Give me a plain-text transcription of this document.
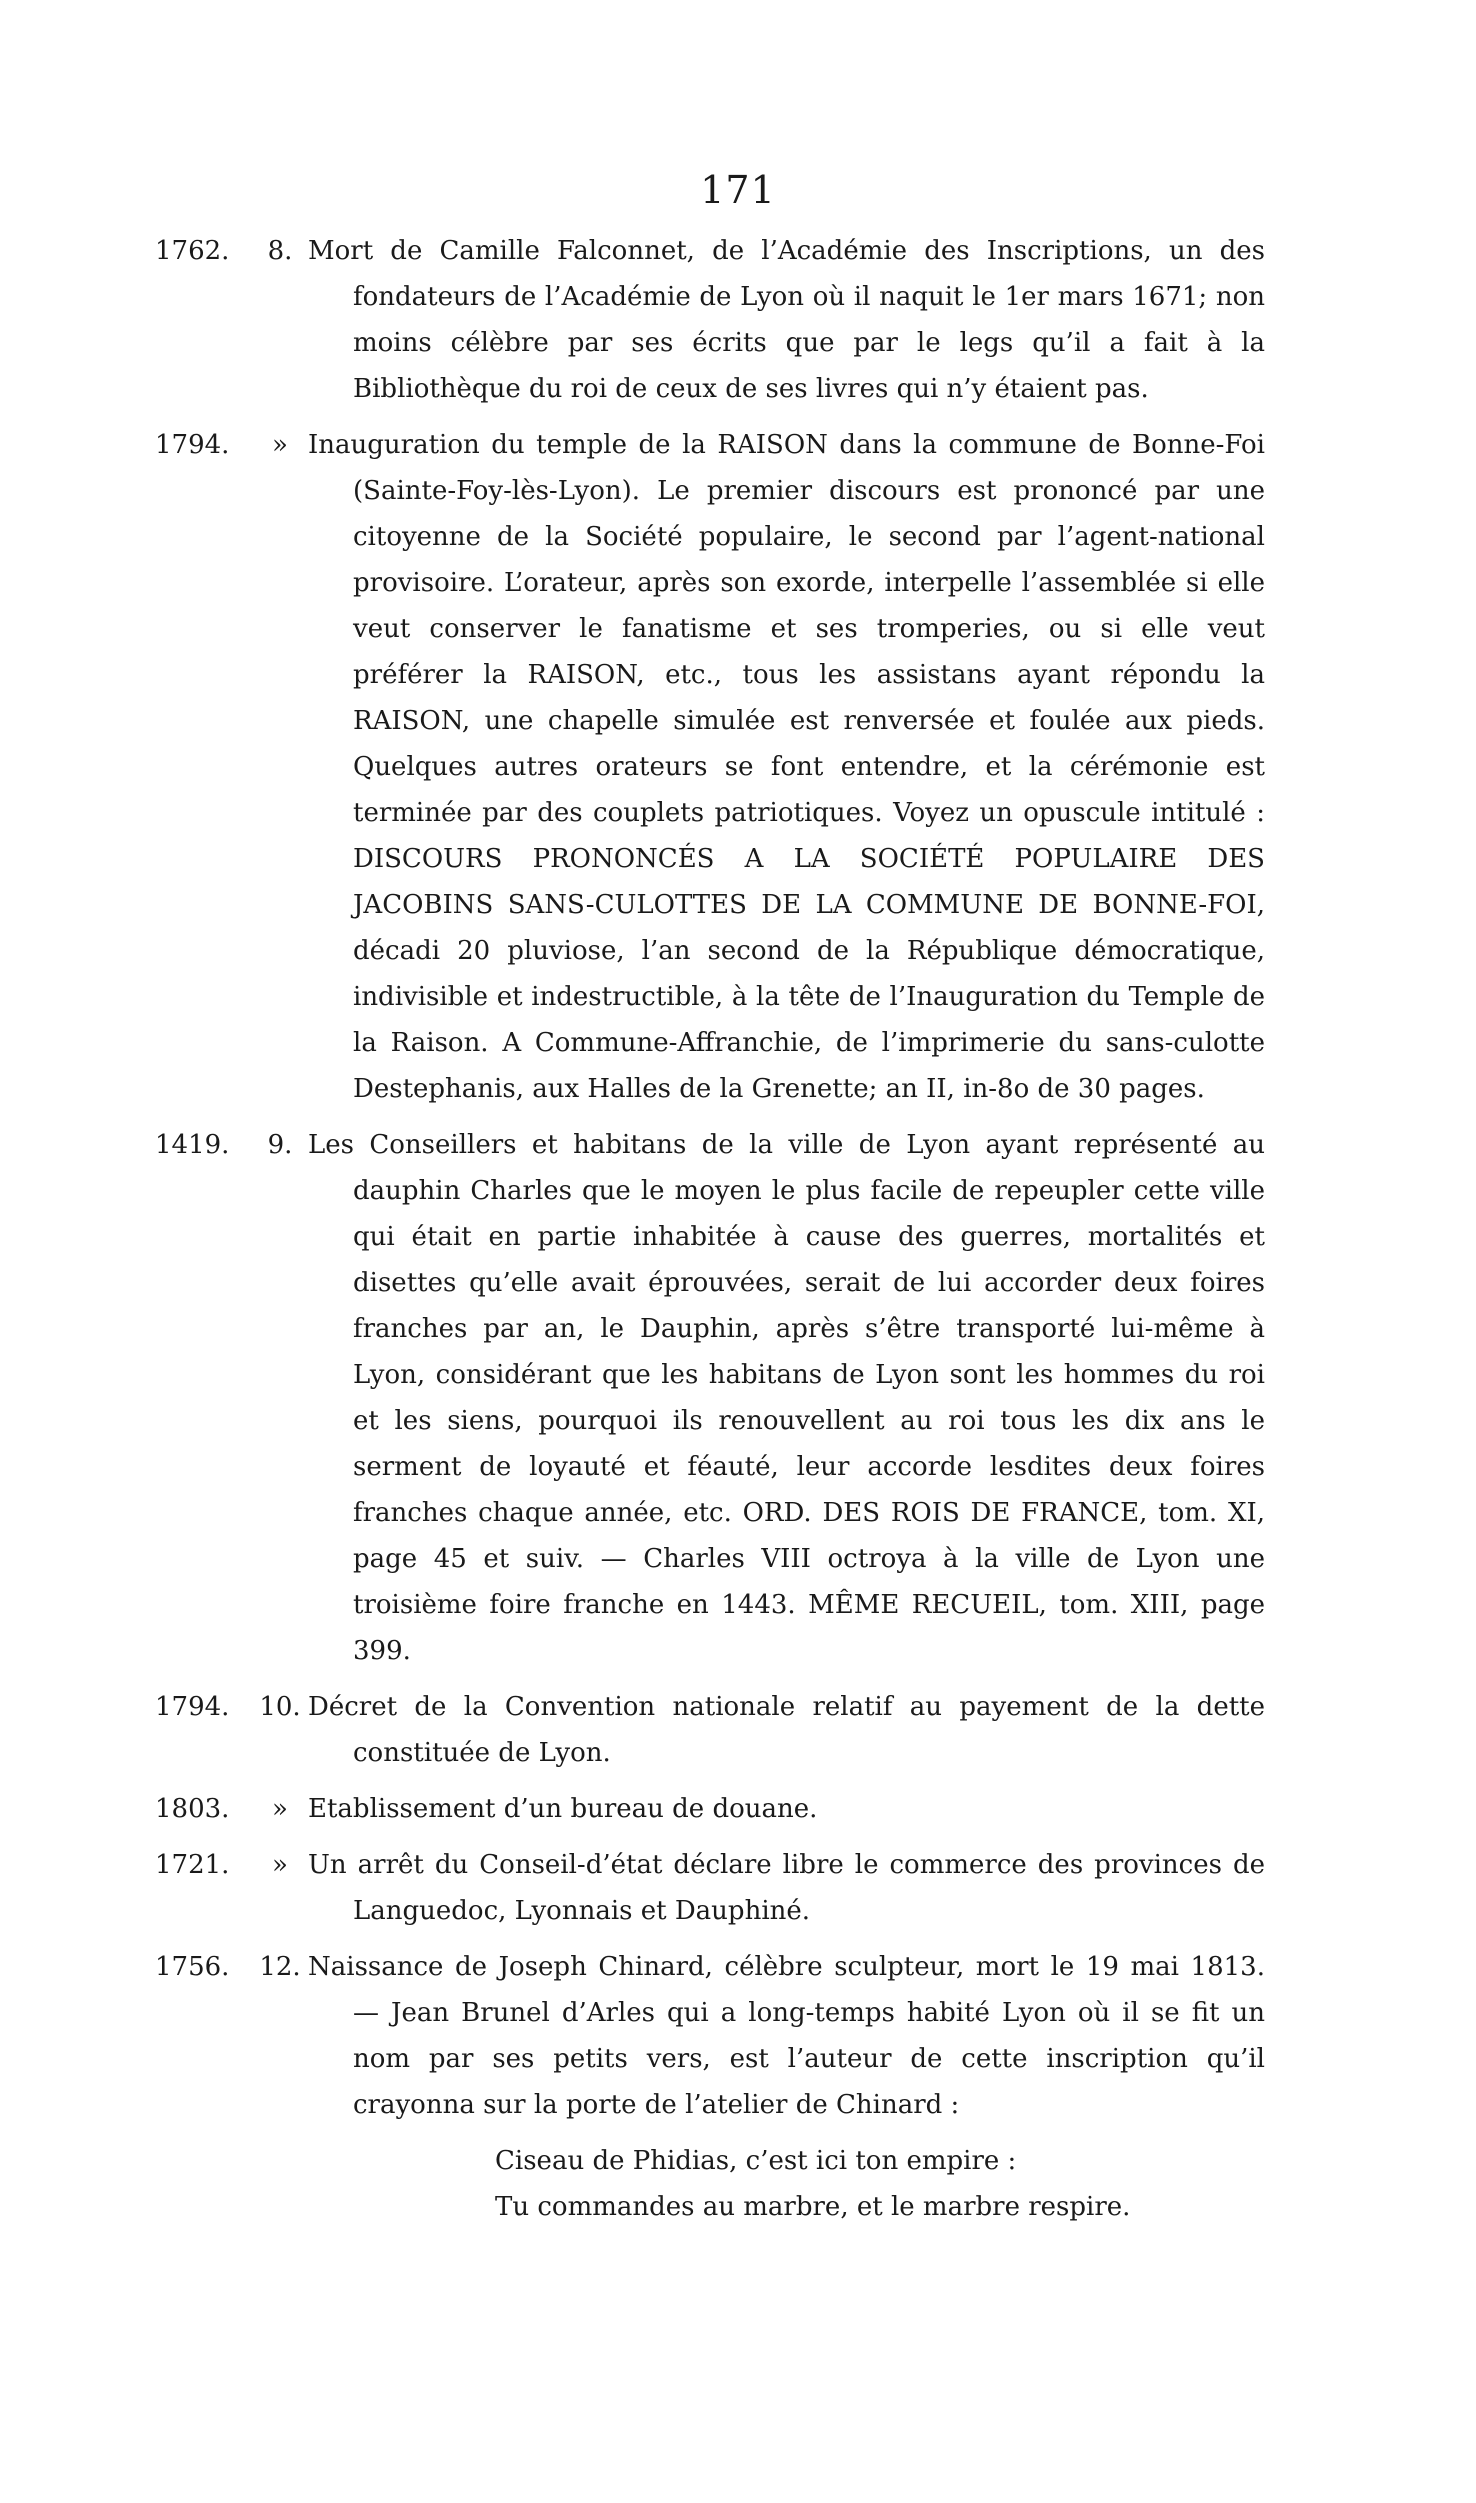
171
1762.	8. Mort de Camille Falconnet, de l’Académie des Inscriptions, un des fondateurs de l’Académie de Lyon où il naquit le 1er mars 1671; non moins célèbre par ses écrits que par le legs qu’il a fait à la Bibliothèque du roi de ceux de ses livres qui n’y étaient pas.
1794.	» Inauguration du temple de la RAISON dans la commune de Bonne-Foi (Sainte-Foy-lès-Lyon). Le premier discours est prononcé par une citoyenne de la Société populaire, le second par l’agent-national provisoire. L’orateur, après son exorde, interpelle l’assemblée si elle veut conserver le fanatisme et ses tromperies, ou si elle veut préférer la RAISON, etc., tous les assistans ayant répondu la RAISON, une chapelle simulée est renversée et foulée aux pieds. Quelques autres orateurs se font entendre, et la cérémonie est terminée par des couplets patriotiques. Voyez un opuscule intitulé : DISCOURS PRONONCÉS A LA SOCIÉTÉ POPULAIRE DES JACOBINS SANS-CULOTTES DE LA COMMUNE DE BONNE-FOI, décadi 20 pluviose, l’an second de la République démocratique, indivisible et indestructible, à la tête de l’Inauguration du Temple de la Raison. A Commune-Affranchie, de l’imprimerie du sans-culotte Destephanis, aux Halles de la Grenette; an II, in-8o de 30 pages.
1419.	9. Les Conseillers et habitans de la ville de Lyon ayant représenté au dauphin Charles que le moyen le plus facile de repeupler cette ville qui était en partie inhabitée à cause des guerres, mortalités et disettes qu’elle avait éprouvées, serait de lui accorder deux foires franches par an, le Dauphin, après s’être transporté lui-même à Lyon, considérant que les habitans de Lyon sont les hommes du roi et les siens, pourquoi ils renouvellent au roi tous les dix ans le serment de loyauté et féauté, leur accorde lesdites deux foires franches chaque année, etc. ORD. DES ROIS DE FRANCE, tom. XI, page 45 et suiv. — Charles VIII octroya à la ville de Lyon une troisième foire franche en 1443. MÊME RECUEIL, tom. XIII, page 399.
1794.	10. Décret de la Convention nationale relatif au payement de la dette constituée de Lyon.
1803.	» Etablissement d’un bureau de douane.
1721.	» Un arrêt du Conseil-d’état déclare libre le commerce des provinces de Languedoc, Lyonnais et Dauphiné.
1756.	12. Naissance de Joseph Chinard, célèbre sculpteur, mort le 19 mai 1813. — Jean Brunel d’Arles qui a long-temps habité Lyon où il se fit un nom par ses petits vers, est l’auteur de cette inscription qu’il crayonna sur la porte de l’atelier de Chinard :
Ciseau de Phidias, c’est ici ton empire :
Tu commandes au marbre, et le marbre respire.
